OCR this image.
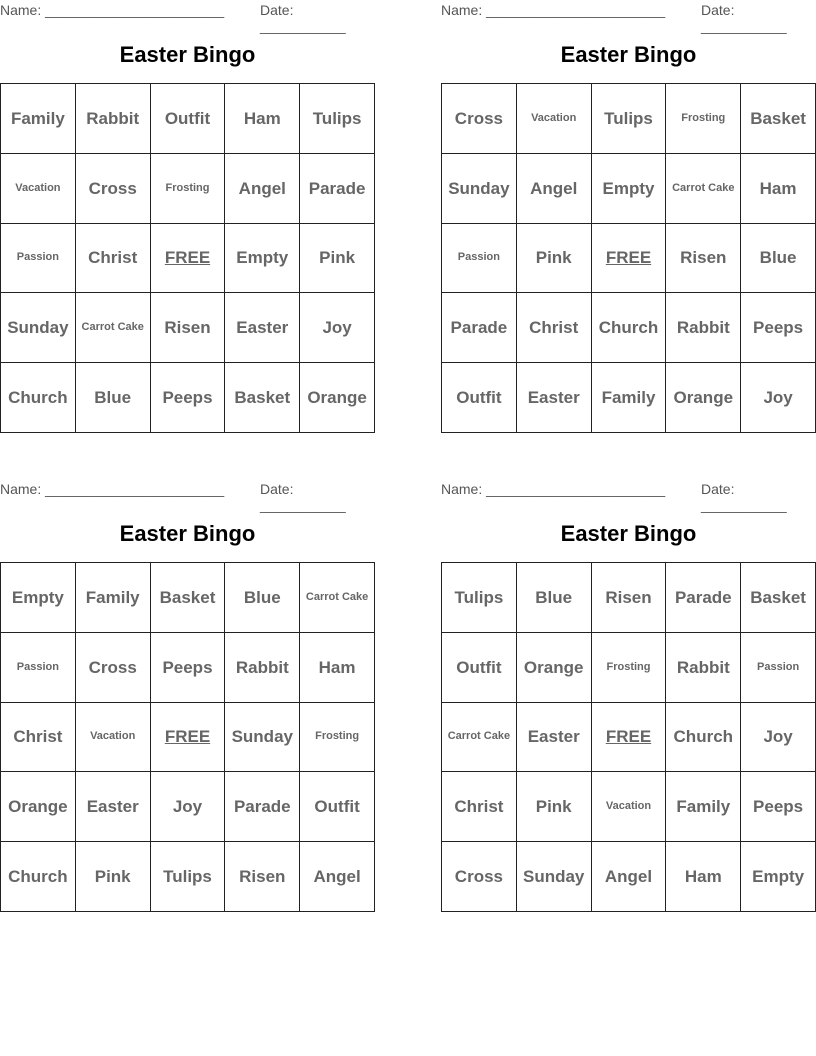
Name: _______________________	Date: ___________
Easter Bingo
Family	Rabbit	Outfit	Ham	Tulips
Vacation	Cross	Frosting	Angel	Parade
Passion	Christ	FREE	Empty	Pink
Sunday	Carrot Cake	Risen	Easter	Joy
Church	Blue	Peeps	Basket	Orange
Name: _______________________	Date: ___________
Easter Bingo
Cross	Vacation	Tulips	Frosting	Basket
Sunday	Angel	Empty	Carrot Cake	Ham
Passion	Pink	FREE	Risen	Blue
Parade	Christ	Church	Rabbit	Peeps
Outfit	Easter	Family	Orange	Joy
Name: _______________________	Date: ___________
Easter Bingo
Empty	Family	Basket	Blue	Carrot Cake
Passion	Cross	Peeps	Rabbit	Ham
Christ	Vacation	FREE	Sunday	Frosting
Orange	Easter	Joy	Parade	Outfit
Church	Pink	Tulips	Risen	Angel
Name: _______________________	Date: ___________
Easter Bingo
Tulips	Blue	Risen	Parade	Basket
Outfit	Orange	Frosting	Rabbit	Passion
Carrot Cake	Easter	FREE	Church	Joy
Christ	Pink	Vacation	Family	Peeps
Cross	Sunday	Angel	Ham	Empty
